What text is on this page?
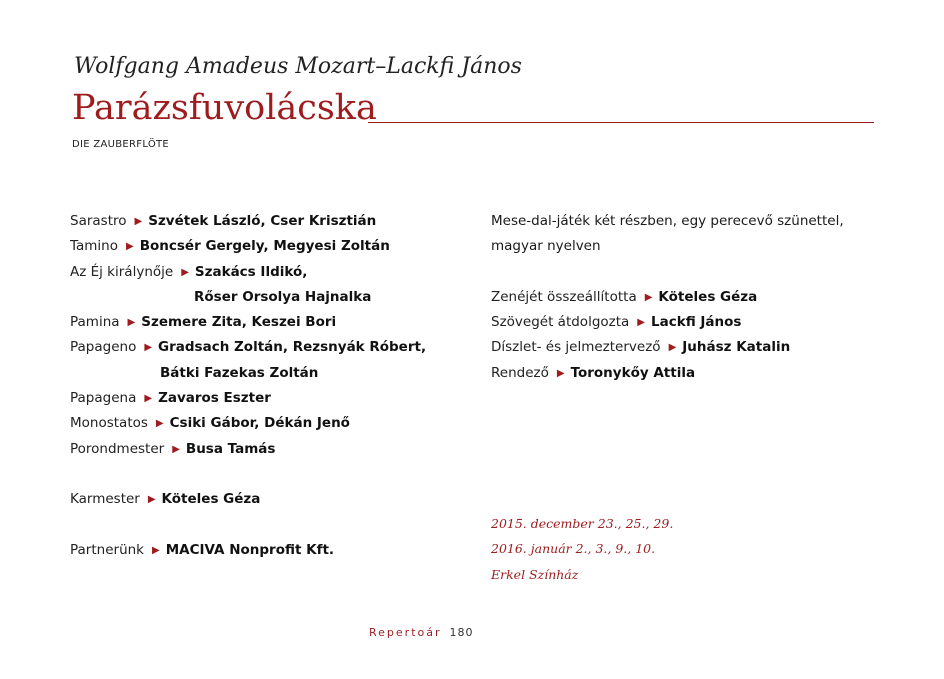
Wolfgang Amadeus Mozart–Lackfi János
Parázsfuvolácska
DIE ZAUBERFLÖTE
Sarastro ▶ Szvétek László, Cser Krisztián
Tamino ▶ Boncsér Gergely, Megyesi Zoltán
Az Éj királynője ▶ Szakács Ildikó,
Rőser Orsolya Hajnalka
Pamina ▶ Szemere Zita, Keszei Bori
Papageno ▶ Gradsach Zoltán, Rezsnyák Róbert,
Bátki Fazekas Zoltán
Papagena ▶ Zavaros Eszter
Monostatos ▶ Csiki Gábor, Dékán Jenő
Porondmester ▶ Busa Tamás
Karmester ▶ Köteles Géza
Partnerünk ▶ MACIVA Nonprofit Kft.
Mese-dal-játék két részben, egy perecevő szünettel,
magyar nyelven
Zenéjét összeállította ▶ Köteles Géza
Szövegét átdolgozta ▶ Lackfi János
Díszlet- és jelmeztervező ▶ Juhász Katalin
Rendező ▶ Toronykőy Attila
2015. december 23., 25., 29.
2016. január 2., 3., 9., 10.
Erkel Színház
Repertoár 180
